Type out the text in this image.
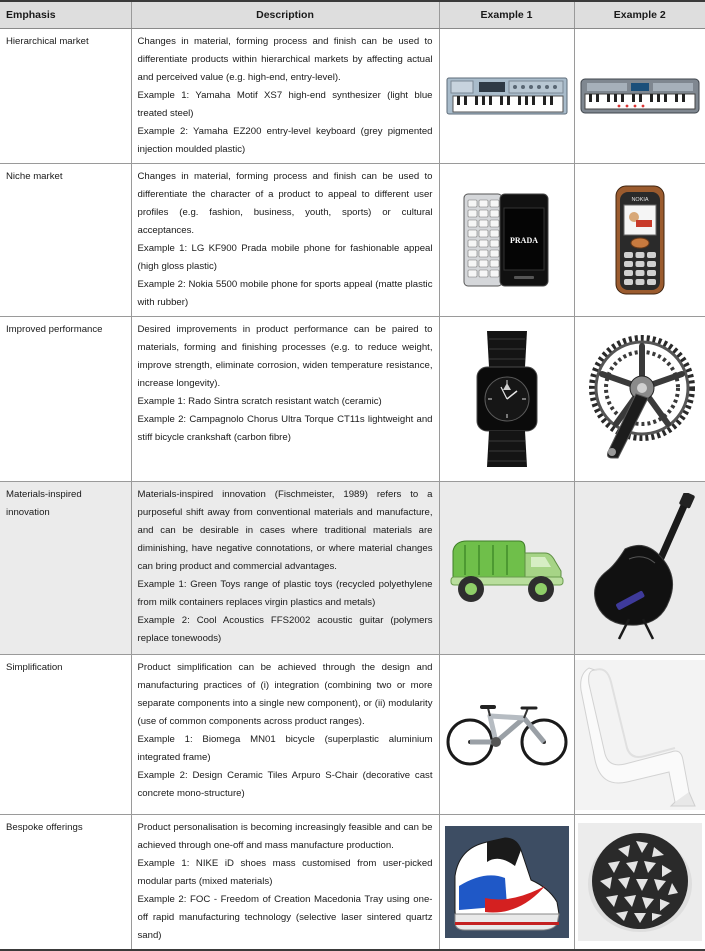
Emphasis	Description	Example 1	Example 2
Hierarchical market	Changes in material, forming process and finish can be used to differentiate products within hierarchical markets by affecting actual and perceived value (e.g. high-end, entry-level).

Example 1: Yamaha Motif XS7 high-end synthesizer (light blue treated steel)

Example 2: Yamaha EZ200 entry-level keyboard (grey pigmented injection moulded plastic)

Niche market	Changes in material, forming process and finish can be used to differentiate the character of a product to appeal to different user profiles (e.g. fashion, business, youth, sports) or cultural acceptances.

Example 1: LG KF900 Prada mobile phone for fashionable appeal (high gloss plastic)

Example 2: Nokia 5500 mobile phone for sports appeal (matte plastic with rubber)	PRADA	NOKIA

Improved performance	Desired improvements in product performance can be paired to materials, forming and finishing processes (e.g. to reduce weight, improve strength, eliminate corrosion, widen temperature resistance, increase longevity).

Example 1: Rado Sintra scratch resistant watch (ceramic)

Example 2: Campagnolo Chorus Ultra Torque CT11s lightweight and stiff bicycle crankshaft (carbon fibre)

Materials-inspired innovation	Materials-inspired innovation (Fischmeister, 1989) refers to a purposeful shift away from conventional materials and manufacture, and can be desirable in cases where traditional materials are diminishing, have negative connotations, or where material changes can bring product and commercial advantages.

Example 1: Green Toys range of plastic toys (recycled polyethylene from milk containers replaces virgin plastics and metals)

Example 2: Cool Acoustics FFS2002 acoustic guitar (polymers replace tonewoods)

Simplification	Product simplification can be achieved through the design and manufacturing practices of (i) integration (combining two or more separate components into a single new component), or (ii) modularity (use of common components across product ranges).

Example 1: Biomega MN01 bicycle (superplastic aluminium integrated frame)

Example 2: Design Ceramic Tiles Arpuro S-Chair (decorative cast concrete mono-structure)

Bespoke offerings	Product personalisation is becoming increasingly feasible and can be achieved through one-off and mass manufacture production.

Example 1: NIKE iD shoes mass customised from user-picked modular parts (mixed materials)

Example 2: FOC - Freedom of Creation Macedonia Tray using one-off rapid manufacturing technology (selective laser sintered quartz sand)
